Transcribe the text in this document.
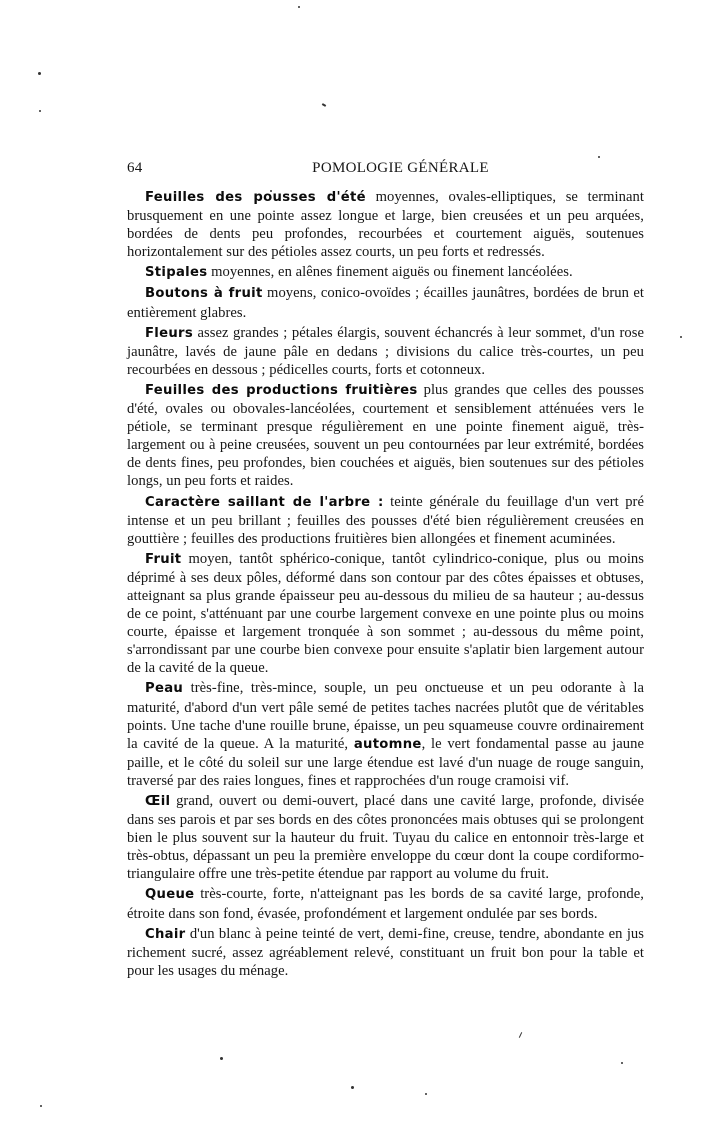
64	POMOLOGIE GÉNÉRALE

Feuilles des pousses d'été moyennes, ovales-elliptiques, se terminant brusquement en une pointe assez longue et large, bien creusées et un peu arquées, bordées de dents peu profondes, recourbées et courtement aiguës, soutenues horizontalement sur des pétioles assez courts, un peu forts et redressés.

Stipales moyennes, en alênes finement aiguës ou finement lancéolées.

Boutons à fruit moyens, conico-ovoïdes ; écailles jaunâtres, bordées de brun et entièrement glabres.

Fleurs assez grandes ; pétales élargis, souvent échancrés à leur sommet, d'un rose jaunâtre, lavés de jaune pâle en dedans ; divisions du calice très-courtes, un peu recourbées en dessous ; pédicelles courts, forts et cotonneux.

Feuilles des productions fruitières plus grandes que celles des pousses d'été, ovales ou obovales-lancéolées, courtement et sensiblement atténuées vers le pétiole, se terminant presque régulièrement en une pointe finement aiguë, très-largement ou à peine creusées, souvent un peu contournées par leur extrémité, bordées de dents fines, peu profondes, bien couchées et aiguës, bien soutenues sur des pétioles longs, un peu forts et raides.

Caractère saillant de l'arbre : teinte générale du feuillage d'un vert pré intense et un peu brillant ; feuilles des pousses d'été bien régulièrement creusées en gouttière ; feuilles des productions fruitières bien allongées et finement acuminées.

Fruit moyen, tantôt sphérico-conique, tantôt cylindrico-conique, plus ou moins déprimé à ses deux pôles, déformé dans son contour par des côtes épaisses et obtuses, atteignant sa plus grande épaisseur peu au-dessous du milieu de sa hauteur ; au-dessus de ce point, s'atténuant par une courbe largement convexe en une pointe plus ou moins courte, épaisse et largement tronquée à son sommet ; au-dessous du même point, s'arrondissant par une courbe bien convexe pour ensuite s'aplatir bien largement autour de la cavité de la queue.

Peau très-fine, très-mince, souple, un peu onctueuse et un peu odorante à la maturité, d'abord d'un vert pâle semé de petites taches nacrées plutôt que de véritables points. Une tache d'une rouille brune, épaisse, un peu squameuse couvre ordinairement la cavité de la queue. A la maturité, automne, le vert fondamental passe au jaune paille, et le côté du soleil sur une large étendue est lavé d'un nuage de rouge sanguin, traversé par des raies longues, fines et rapprochées d'un rouge cramoisi vif.

Œil grand, ouvert ou demi-ouvert, placé dans une cavité large, profonde, divisée dans ses parois et par ses bords en des côtes prononcées mais obtuses qui se prolongent bien le plus souvent sur la hauteur du fruit. Tuyau du calice en entonnoir très-large et très-obtus, dépassant un peu la première enveloppe du cœur dont la coupe cordiformo-triangulaire offre une très-petite étendue par rapport au volume du fruit.

Queue très-courte, forte, n'atteignant pas les bords de sa cavité large, profonde, étroite dans son fond, évasée, profondément et largement ondulée par ses bords.

Chair d'un blanc à peine teinté de vert, demi-fine, creuse, tendre, abondante en jus richement sucré, assez agréablement relevé, constituant un fruit bon pour la table et pour les usages du ménage.
